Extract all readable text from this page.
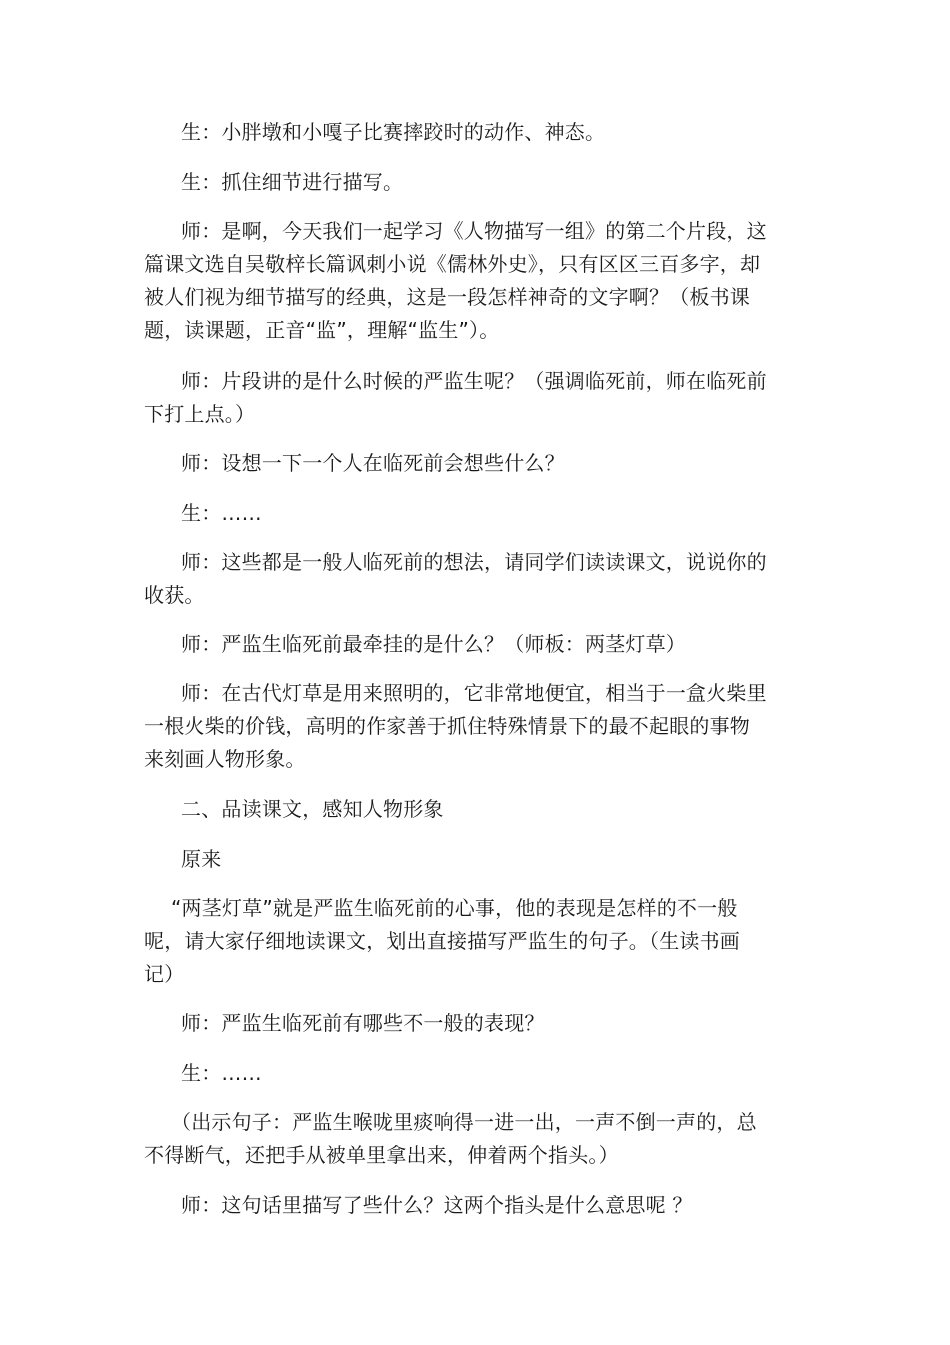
生：小胖墩和小嘎子比赛摔跤时的动作、神态。

生：抓住细节进行描写。

师：是啊，今天我们一起学习《人物描写一组》的第二个片段，这篇课文选自吴敬梓长篇讽刺小说《儒林外史》，只有区区三百多字，却被人们视为细节描写的经典，这是一段怎样神奇的文字啊？（板书课题，读课题，正音“监”，理解“监生”）。

师：片段讲的是什么时候的严监生呢？（强调临死前，师在临死前下打上点。）

师：设想一下一个人在临死前会想些什么？

生：……

师：这些都是一般人临死前的想法，请同学们读读课文，说说你的收获。

师：严监生临死前最牵挂的是什么？（师板：两茎灯草）

师：在古代灯草是用来照明的，它非常地便宜，相当于一盒火柴里一根火柴的价钱，高明的作家善于抓住特殊情景下的最不起眼的事物来刻画人物形象。

二、品读课文，感知人物形象

原来

“两茎灯草”就是严监生临死前的心事，他的表现是怎样的不一般呢，请大家仔细地读课文，划出直接描写严监生的句子。（生读书画记）

师：严监生临死前有哪些不一般的表现？

生：……

（出示句子：严监生喉咙里痰响得一进一出，一声不倒一声的，总不得断气，还把手从被单里拿出来，伸着两个指头。）

师：这句话里描写了些什么？这两个指头是什么意思呢 ？
